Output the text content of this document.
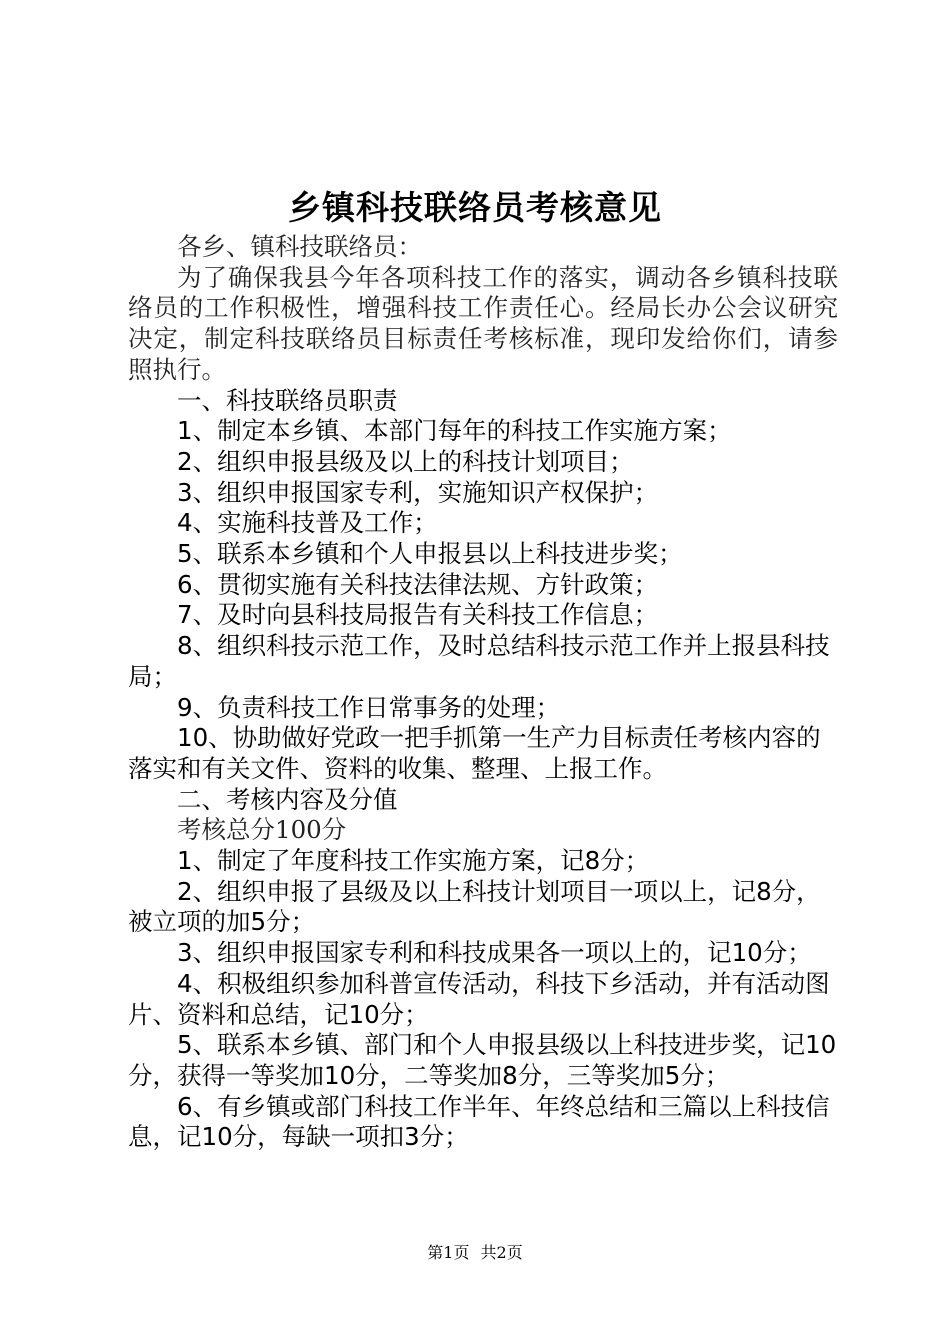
乡镇科技联络员考核意见

各乡、镇科技联络员：

为了确保我县今年各项科技工作的落实，调动各乡镇科技联络员的工作积极性，增强科技工作责任心。经局长办公会议研究决定，制定科技联络员目标责任考核标准，现印发给你们，请参照执行。

一、科技联络员职责

1、制定本乡镇、本部门每年的科技工作实施方案；

2、组织申报县级及以上的科技计划项目；

3、组织申报国家专利，实施知识产权保护；

4、实施科技普及工作；

5、联系本乡镇和个人申报县以上科技进步奖；

6、贯彻实施有关科技法律法规、方针政策；

7、及时向县科技局报告有关科技工作信息；

8、组织科技示范工作，及时总结科技示范工作并上报县科技局；

9、负责科技工作日常事务的处理；

10、协助做好党政一把手抓第一生产力目标责任考核内容的落实和有关文件、资料的收集、整理、上报工作。

二、考核内容及分值

考核总分100分

1、制定了年度科技工作实施方案，记8分；

2、组织申报了县级及以上科技计划项目一项以上，记8分，被立项的加5分；

3、组织申报国家专利和科技成果各一项以上的，记10分；

4、积极组织参加科普宣传活动，科技下乡活动，并有活动图片、资料和总结，记10分；

5、联系本乡镇、部门和个人申报县级以上科技进步奖，记10分，获得一等奖加10分，二等奖加8分，三等奖加5分；

6、有乡镇或部门科技工作半年、年终总结和三篇以上科技信息，记10分，每缺一项扣3分；

第1页 共2页
